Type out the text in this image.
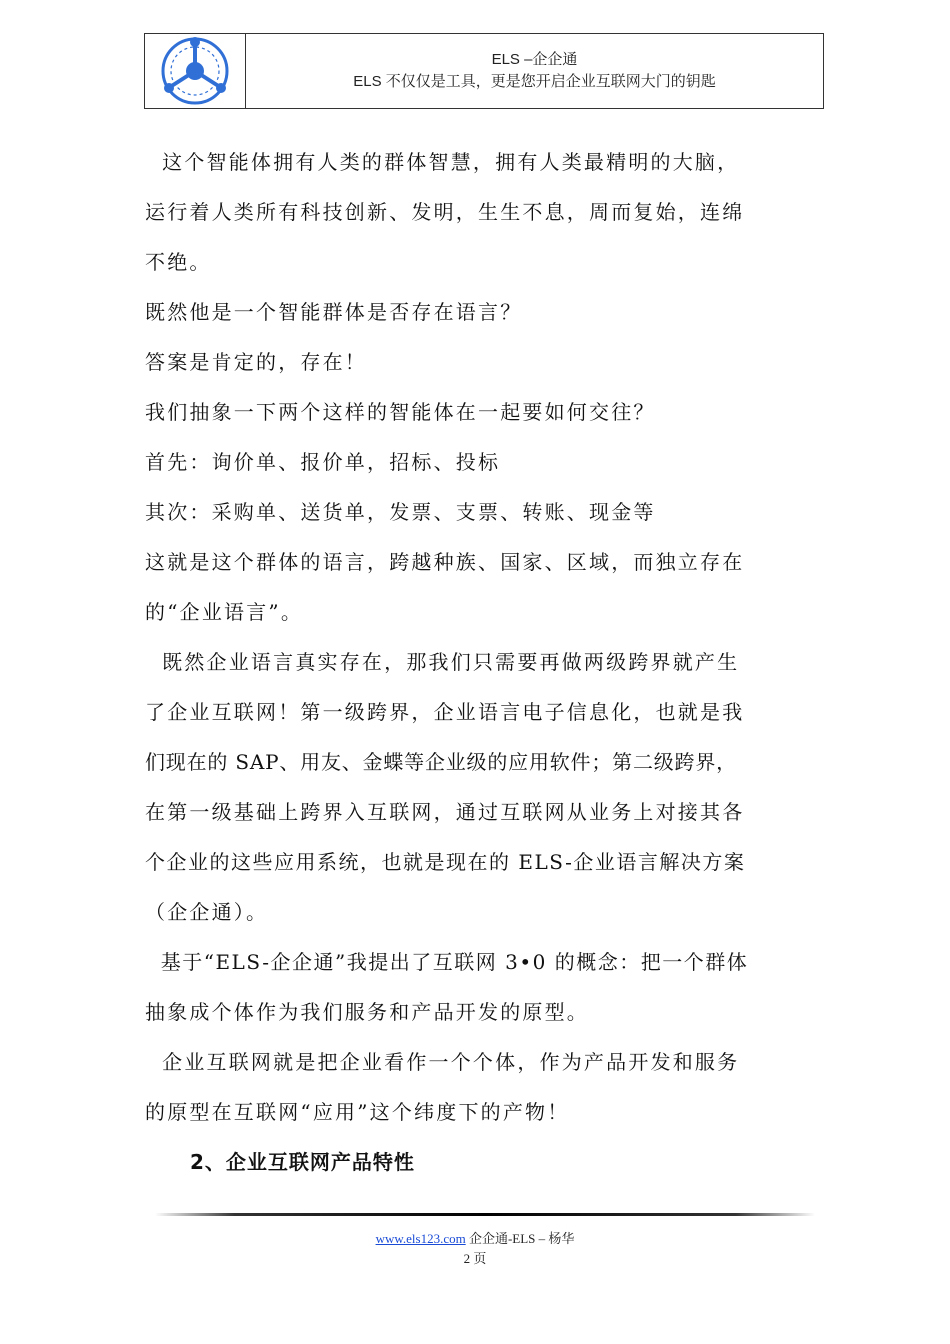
ELS –企企通
ELS 不仅仅是工具，更是您开启企业互联网大门的钥匙
这个智能体拥有人类的群体智慧，拥有人类最精明的大脑，
运行着人类所有科技创新、发明，生生不息，周而复始，连绵
不绝。
既然他是一个智能群体是否存在语言？
答案是肯定的，存在！
我们抽象一下两个这样的智能体在一起要如何交往？
首先：询价单、报价单，招标、投标
其次：采购单、送货单，发票、支票、转账、现金等
这就是这个群体的语言，跨越种族、国家、区域，而独立存在
的“企业语言”。
既然企业语言真实存在，那我们只需要再做两级跨界就产生
了企业互联网！第一级跨界，企业语言电子信息化，也就是我
们现在的 SAP、用友、金蝶等企业级的应用软件；第二级跨界，
在第一级基础上跨界入互联网，通过互联网从业务上对接其各
个企业的这些应用系统，也就是现在的 ELS-企业语言解决方案
（企企通）。
基于“ELS-企企通”我提出了互联网 3•0 的概念：把一个群体
抽象成个体作为我们服务和产品开发的原型。
企业互联网就是把企业看作一个个体，作为产品开发和服务
的原型在互联网“应用”这个纬度下的产物！
2、企业互联网产品特性
www.els123.com 企企通-ELS – 杨华
2 页
